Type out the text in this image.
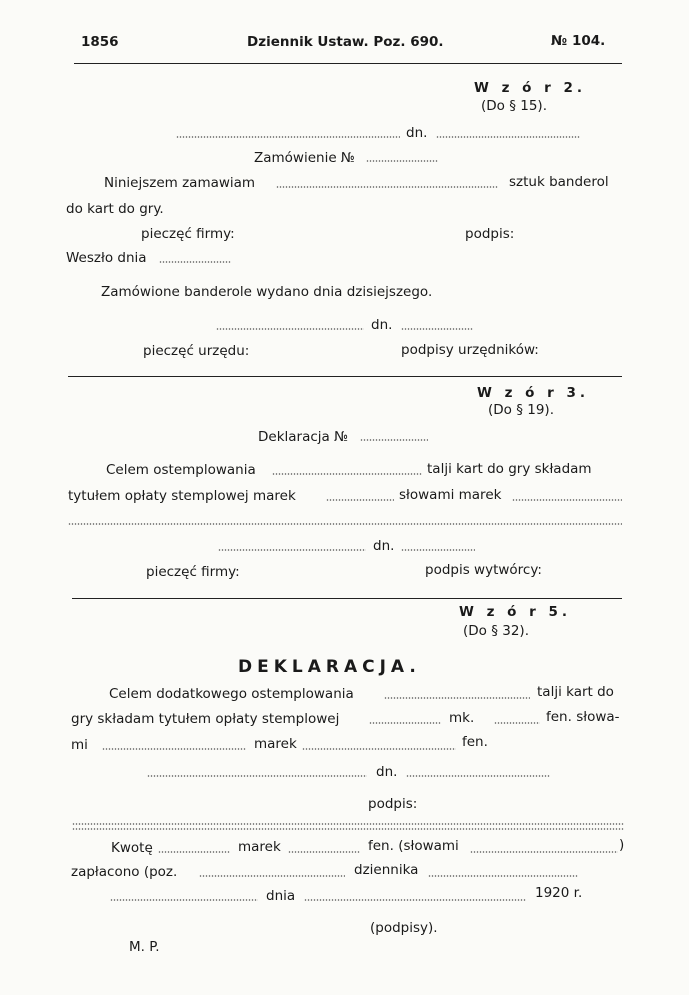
1856	Dziennik Ustaw. Poz. 690.	№ 104.
W z ó r 2.
(Do § 15).
dn.
Zamówienie №
Niniejszem zamawiam	sztuk banderol
do kart do gry.
pieczęć firmy:	podpis:
Weszło dnia
Zamówione banderole wydano dnia dzisiejszego.
dn.
pieczęć urzędu:	podpisy urzędników:
W z ó r 3.
(Do § 19).
Deklaracja №
Celem ostemplowania	talji kart do gry składam
tytułem opłaty stemplowej marek	słowami marek
dn.
pieczęć firmy:	podpis wytwórcy:
W z ó r 5.
(Do § 32).
DEKLARACJA.
Celem dodatkowego ostemplowania	talji kart do
gry składam tytułem opłaty stemplowej	mk.	fen. słowa-
mi	marek	fen.
dn.
podpis:
Kwotę	marek	fen. (słowami	)
zapłacono (poz.	dziennika
dnia	1920 r.
(podpisy).
M. P.
